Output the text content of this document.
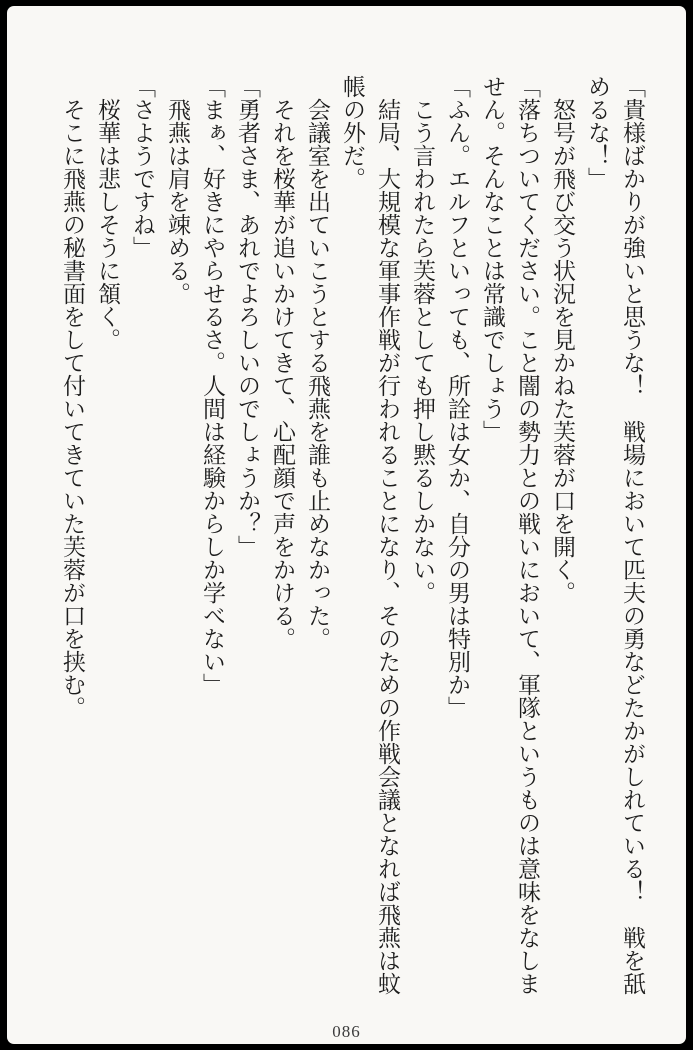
「貴様ばかりが強いと思うな！　戦場において匹夫の勇などたかがしれている！　戦を舐めるな！」

怒号が飛び交う状況を見かねた芙蓉が口を開く。

「落ちついてください。こと闇の勢力との戦いにおいて、軍隊というものは意味をなしません。そんなことは常識でしょう」

「ふん。エルフといっても、所詮は女か、自分の男は特別か」

こう言われたら芙蓉としても押し黙るしかない。

結局、大規模な軍事作戦が行われることになり、そのための作戦会議となれば飛燕は蚊帳の外だ。

会議室を出ていこうとする飛燕を誰も止めなかった。

それを桜華が追いかけてきて、心配顔で声をかける。

「勇者さま、あれでよろしいのでしょうか？」

「まぁ、好きにやらせるさ。人間は経験からしか学べない」

飛燕は肩を竦める。

「さようですね」

桜華は悲しそうに頷く。

そこに飛燕の秘書面をして付いてきていた芙蓉が口を挟む。

086
